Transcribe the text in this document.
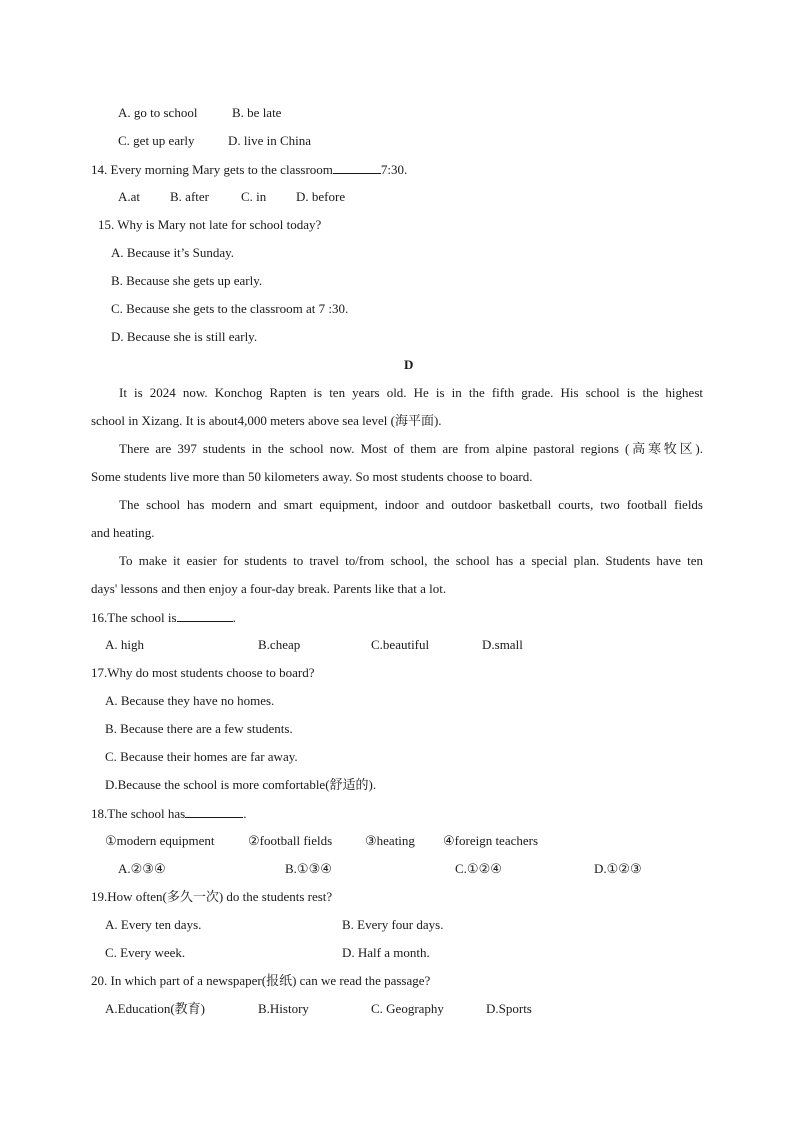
A. go to school	B. be late
C. get up early	D. live in China
14. Every morning Mary gets to the classroom	7:30.
A.at B. after C. in D. before
15. Why is Mary not late for school today?
A. Because it’s Sunday.
B. Because she gets up early.
C. Because she gets to the classroom at 7 :30.
D. Because she is still early.
D
It is 2024 now. Konchog Rapten is ten years old. He is in the fifth grade. His school is the highest
school in Xizang. It is about4,000 meters above sea level (海平面).
There are 397 students in the school now. Most of them are from alpine pastoral regions (高寒牧区).
Some students live more than 50 kilometers away. So most students choose to board.
The school has modern and smart equipment, indoor and outdoor basketball courts, two football fields
and heating.
To make it easier for students to travel to/from school, the school has a special plan. Students have ten
days' lessons and then enjoy a four-day break. Parents like that a lot.
16.The school is	.
A. high	B.cheap	C.beautiful	D.small
17.Why do most students choose to board?
A. Because they have no homes.
B. Because there are a few students.
C. Because their homes are far away.
D.Because the school is more comfortable(舒适的).
18.The school has	.
①modern equipment	②football fields	③heating ④foreign teachers
A.②③④	B.①③④	C.①②④	D.①②③
19.How often(多久一次) do the students rest?
A. Every ten days.	B. Every four days.
C. Every week.	D. Half a month.
20. In which part of a newspaper(报纸) can we read the passage?
A.Education(教育)	B.History	C. Geography	D.Sports
